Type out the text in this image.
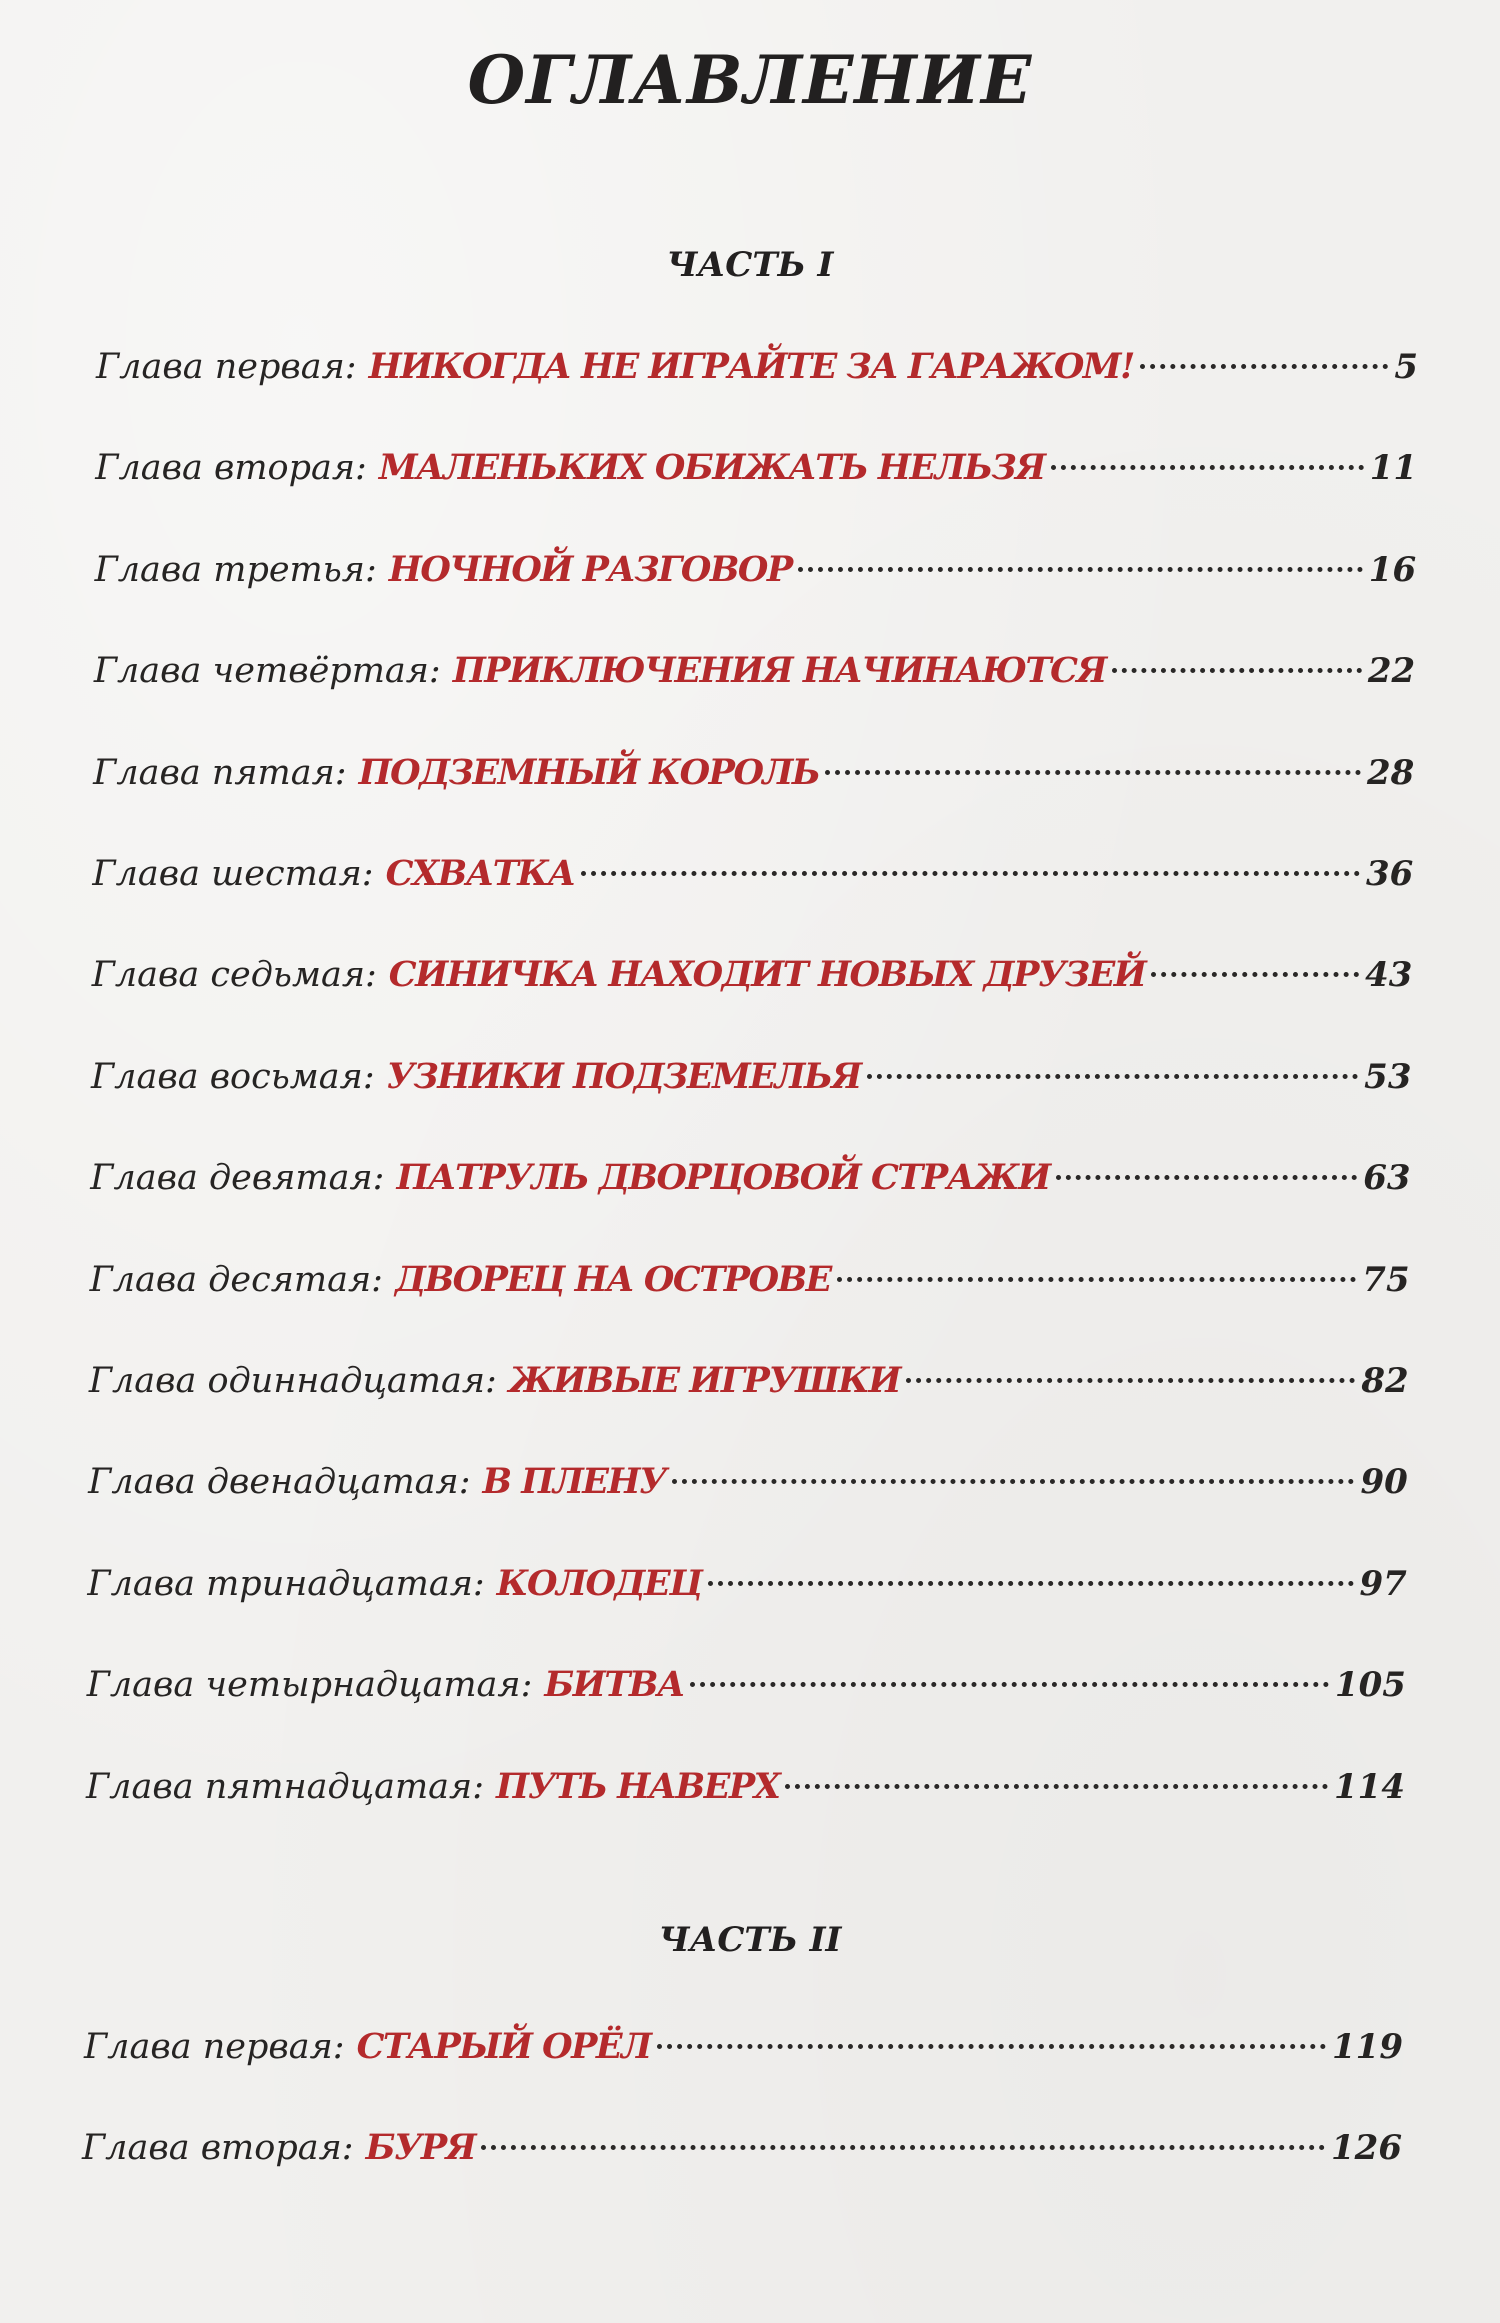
ОГЛАВЛЕНИЕ
ЧАСТЬ I
Глава первая: НИКОГДА НЕ ИГРАЙТЕ ЗА ГАРАЖОМ!	5
Глава вторая: МАЛЕНЬКИХ ОБИЖАТЬ НЕЛЬЗЯ	11
Глава третья: НОЧНОЙ РАЗГОВОР	16
Глава четвёртая: ПРИКЛЮЧЕНИЯ НАЧИНАЮТСЯ	22
Глава пятая: ПОДЗЕМНЫЙ КОРОЛЬ	28
Глава шестая: СХВАТКА	36
Глава седьмая: СИНИЧКА НАХОДИТ НОВЫХ ДРУЗЕЙ	43
Глава восьмая: УЗНИКИ ПОДЗЕМЕЛЬЯ	53
Глава девятая: ПАТРУЛЬ ДВОРЦОВОЙ СТРАЖИ	63
Глава десятая: ДВОРЕЦ НА ОСТРОВЕ	75
Глава одиннадцатая: ЖИВЫЕ ИГРУШКИ	82
Глава двенадцатая: В ПЛЕНУ	90
Глава тринадцатая: КОЛОДЕЦ	97
Глава четырнадцатая: БИТВА	105
Глава пятнадцатая: ПУТЬ НАВЕРХ	114
ЧАСТЬ II
Глава первая: СТАРЫЙ ОРЁЛ	119
Глава вторая: БУРЯ	126
